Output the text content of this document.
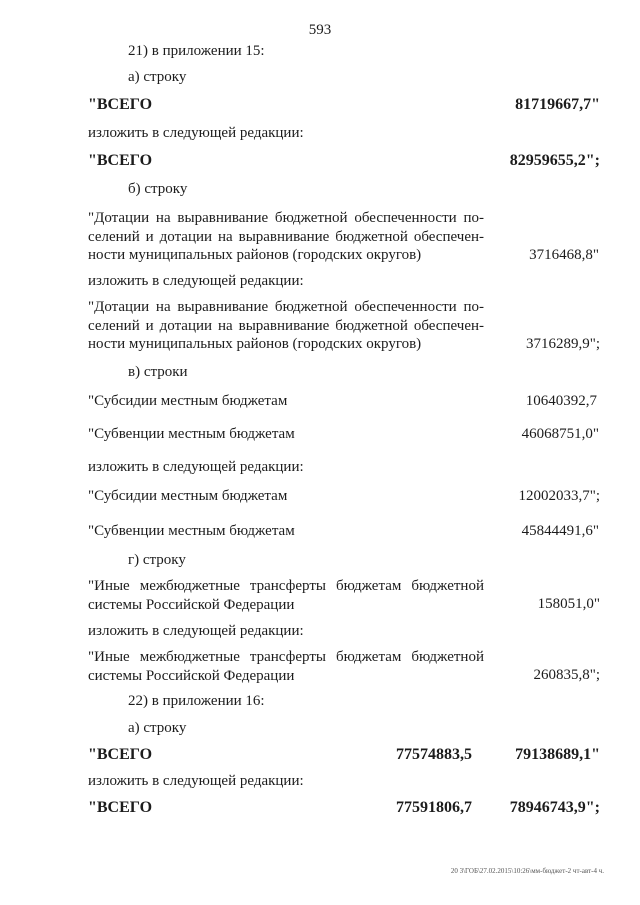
593
21) в приложении 15:
а) строку
"ВСЕГО	81719667,7"
изложить в следующей редакции:
"ВСЕГО	82959655,2";
б) строку
"Дотации на выравнивание бюджетной обеспеченности по-
селений и дотации на выравнивание бюджетной обеспечен-
ности муниципальных районов (городских округов)	3716468,8"
изложить в следующей редакции:
"Дотации на выравнивание бюджетной обеспеченности по-
селений и дотации на выравнивание бюджетной обеспечен-
ности муниципальных районов (городских округов)	3716289,9";
в) строки
"Субсидии местным бюджетам	10640392,7
"Субвенции местным бюджетам	46068751,0"
изложить в следующей редакции:
"Субсидии местным бюджетам	12002033,7";
"Субвенции местным бюджетам	45844491,6"
г) строку
"Иные межбюджетные трансферты бюджетам бюджетной
системы Российской Федерации	158051,0"
изложить в следующей редакции:
"Иные межбюджетные трансферты бюджетам бюджетной
системы Российской Федерации	260835,8";
22) в приложении 16:
а) строку
"ВСЕГО	77574883,5	79138689,1"
изложить в следующей редакции:
"ВСЕГО	77591806,7 78946743,9";
20 3\ГОБ\27.02.2015\10:26\мм-бюджет-2 чт-авт-4 ч.
